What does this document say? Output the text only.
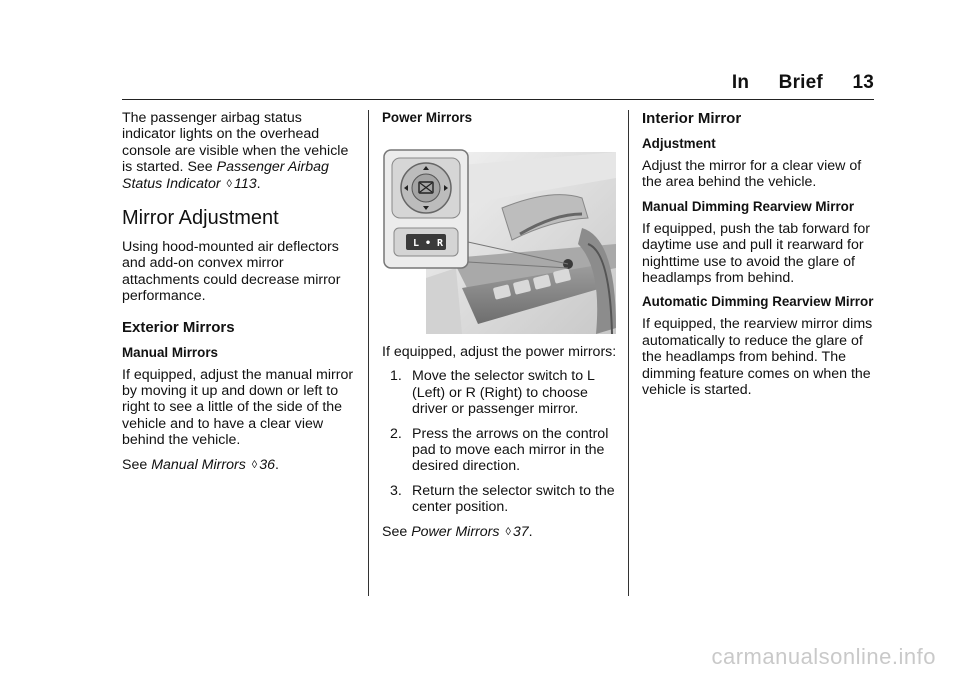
In Brief 13

The passenger airbag status indicator lights on the overhead console are visible when the vehicle is started. See Passenger Airbag Status Indicator ◊ 113.

Mirror Adjustment

Using hood-mounted air deflectors and add-on convex mirror attachments could decrease mirror performance.

Exterior Mirrors
Manual Mirrors

If equipped, adjust the manual mirror by moving it up and down or left to right to see a little of the side of the vehicle and to have a clear view behind the vehicle.

See Manual Mirrors ◊ 36.

Power Mirrors
L • R

If equipped, adjust the power mirrors:

1. Move the selector switch to L (Left) or R (Right) to choose driver or passenger mirror.
2. Press the arrows on the control pad to move each mirror in the desired direction.
3. Return the selector switch to the center position.

See Power Mirrors ◊ 37.

Interior Mirror
Adjustment

Adjust the mirror for a clear view of the area behind the vehicle.

Manual Dimming Rearview Mirror

If equipped, push the tab forward for daytime use and pull it rearward for nighttime use to avoid the glare of headlamps from behind.

Automatic Dimming Rearview Mirror

If equipped, the rearview mirror dims automatically to reduce the glare of the headlamps from behind. The dimming feature comes on when the vehicle is started.

carmanualsonline.info
